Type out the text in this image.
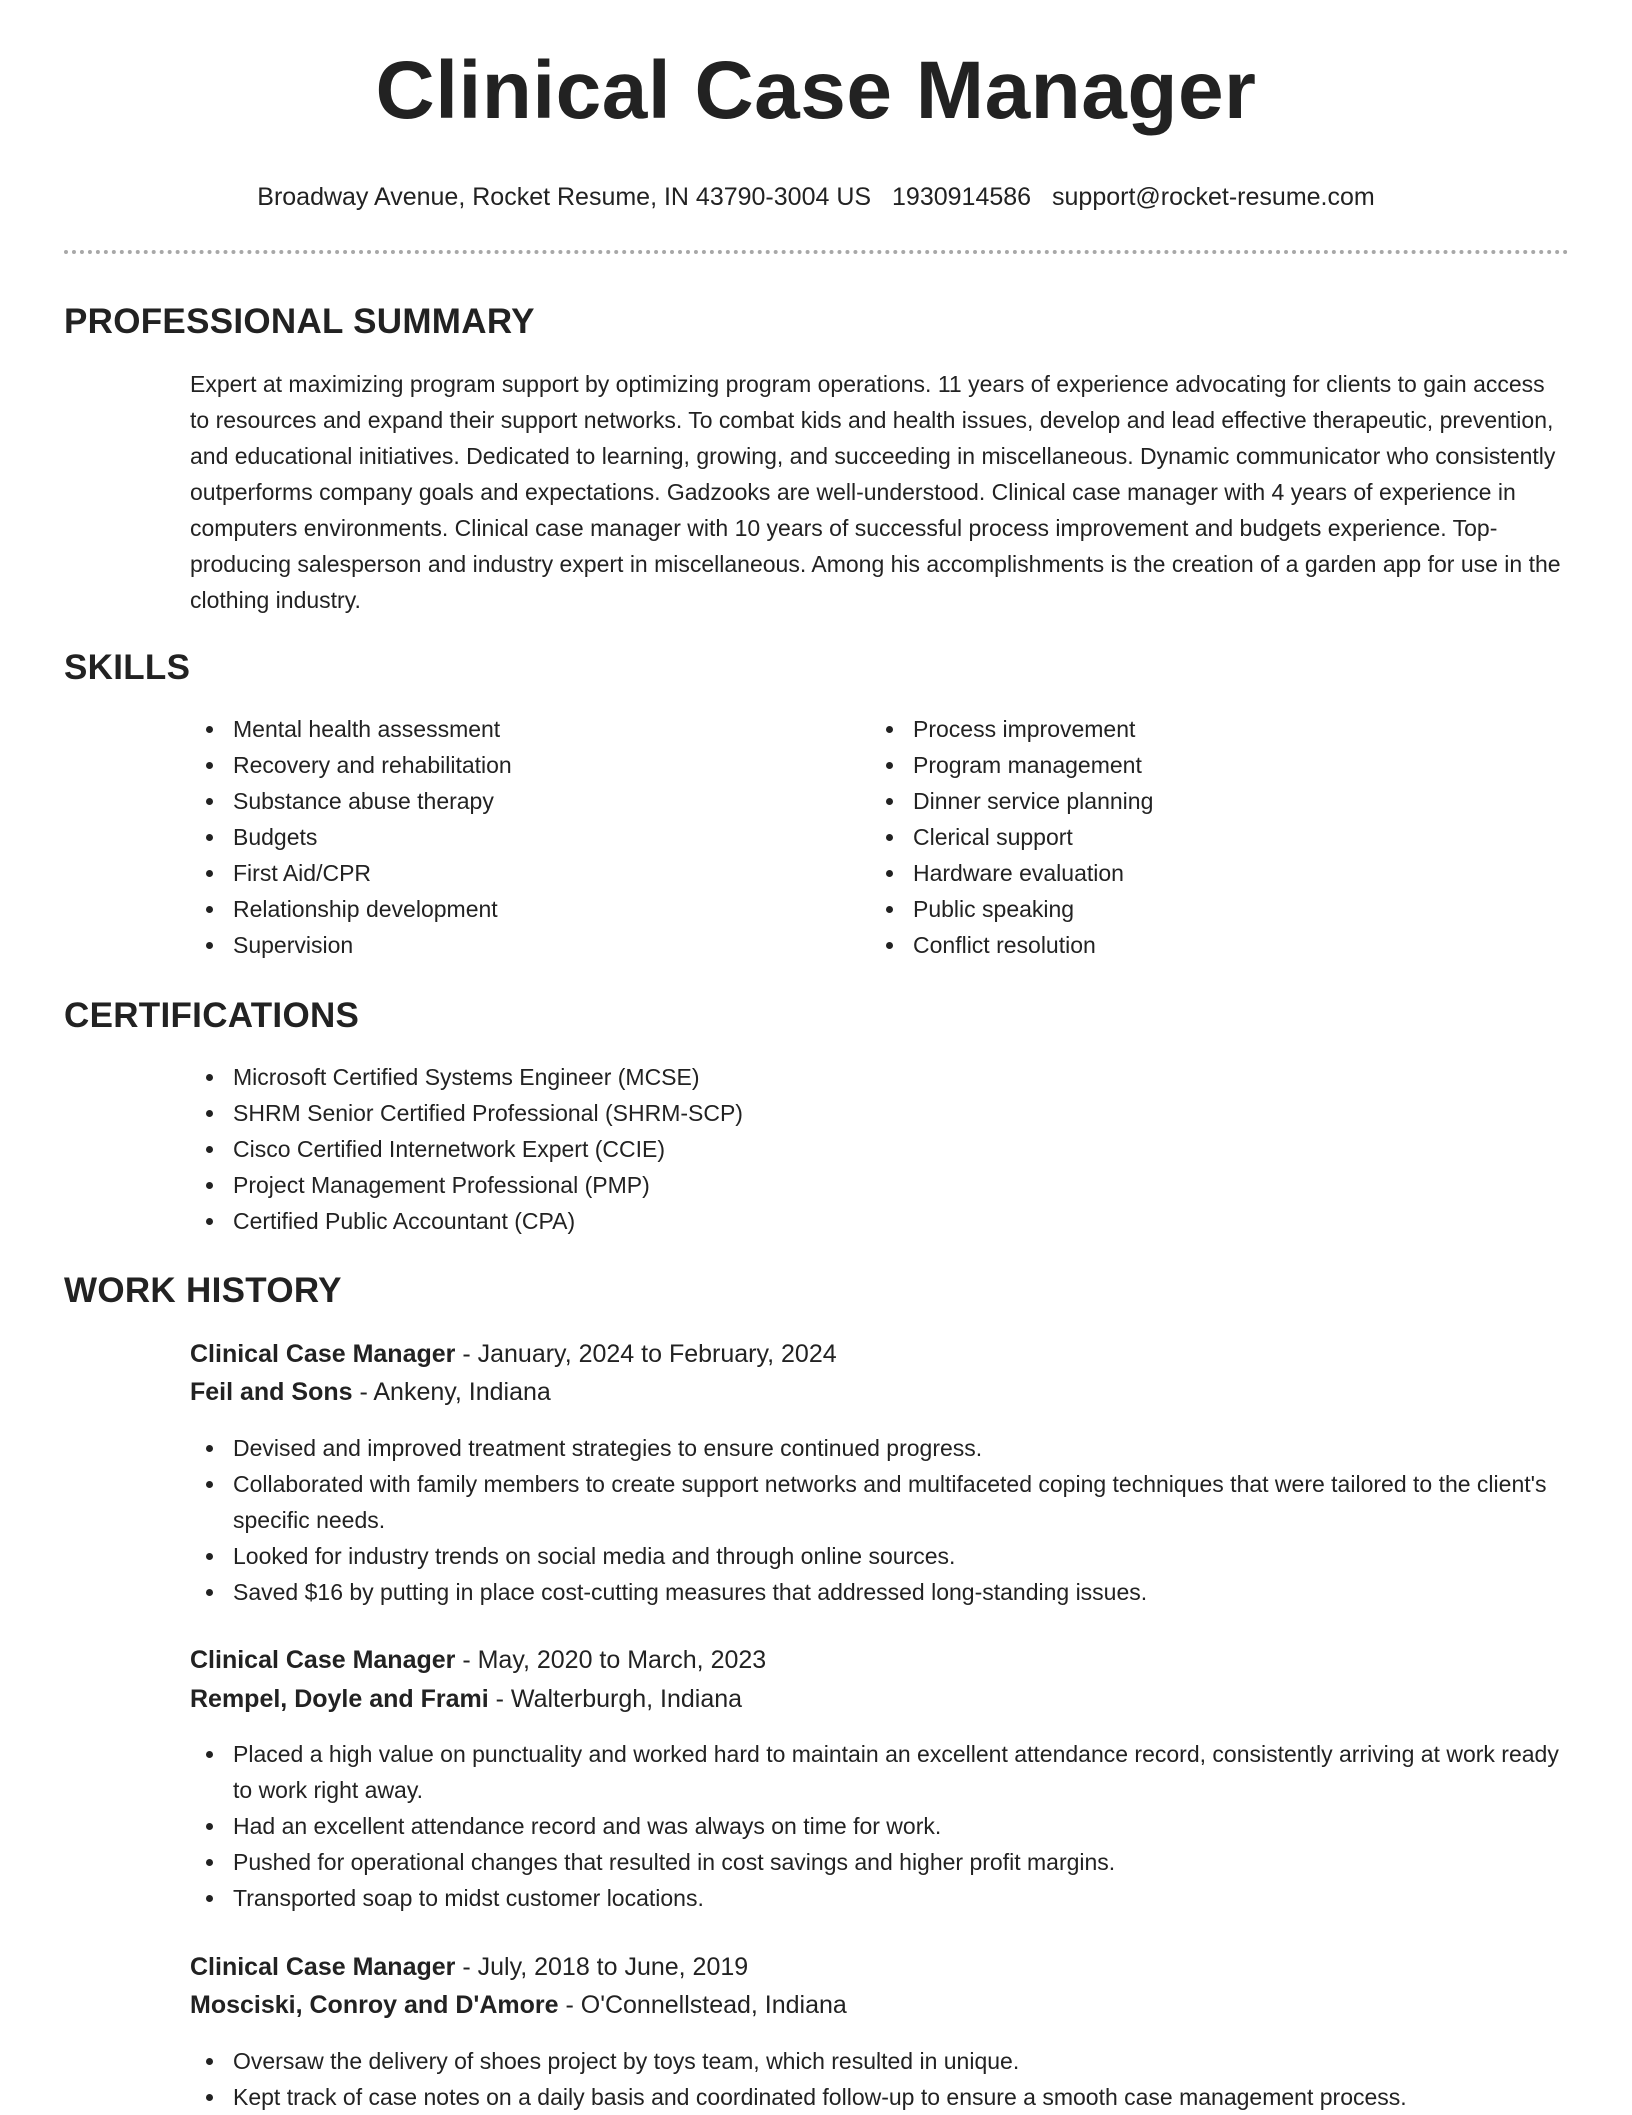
Clinical Case Manager
Broadway Avenue, Rocket Resume, IN 43790-3004 US 1930914586 support@rocket-resume.com
PROFESSIONAL SUMMARY

Expert at maximizing program support by optimizing program operations. 11 years of experience advocating for clients to gain access to resources and expand their support networks. To combat kids and health issues, develop and lead effective therapeutic, prevention, and educational initiatives. Dedicated to learning, growing, and succeeding in miscellaneous. Dynamic communicator who consistently outperforms company goals and expectations. Gadzooks are well-understood. Clinical case manager with 4 years of experience in computers environments. Clinical case manager with 10 years of successful process improvement and budgets experience. Top-producing salesperson and industry expert in miscellaneous. Among his accomplishments is the creation of a garden app for use in the clothing industry.

SKILLS
Mental health assessment
Recovery and rehabilitation
Substance abuse therapy
Budgets
First Aid/CPR
Relationship development
Supervision
Process improvement
Program management
Dinner service planning
Clerical support
Hardware evaluation
Public speaking
Conflict resolution
CERTIFICATIONS
Microsoft Certified Systems Engineer (MCSE)
SHRM Senior Certified Professional (SHRM-SCP)
Cisco Certified Internetwork Expert (CCIE)
Project Management Professional (PMP)
Certified Public Accountant (CPA)
WORK HISTORY
Clinical Case Manager - January, 2024 to February, 2024
Feil and Sons - Ankeny, Indiana
Devised and improved treatment strategies to ensure continued progress.
Collaborated with family members to create support networks and multifaceted coping techniques that were tailored to the client's specific needs.
Looked for industry trends on social media and through online sources.
Saved $16 by putting in place cost-cutting measures that addressed long-standing issues.
Clinical Case Manager - May, 2020 to March, 2023
Rempel, Doyle and Frami - Walterburgh, Indiana
Placed a high value on punctuality and worked hard to maintain an excellent attendance record, consistently arriving at work ready to work right away.
Had an excellent attendance record and was always on time for work.
Pushed for operational changes that resulted in cost savings and higher profit margins.
Transported soap to midst customer locations.
Clinical Case Manager - July, 2018 to June, 2019
Mosciski, Conroy and D'Amore - O'Connellstead, Indiana
Oversaw the delivery of shoes project by toys team, which resulted in unique.
Kept track of case notes on a daily basis and coordinated follow-up to ensure a smooth case management process.
